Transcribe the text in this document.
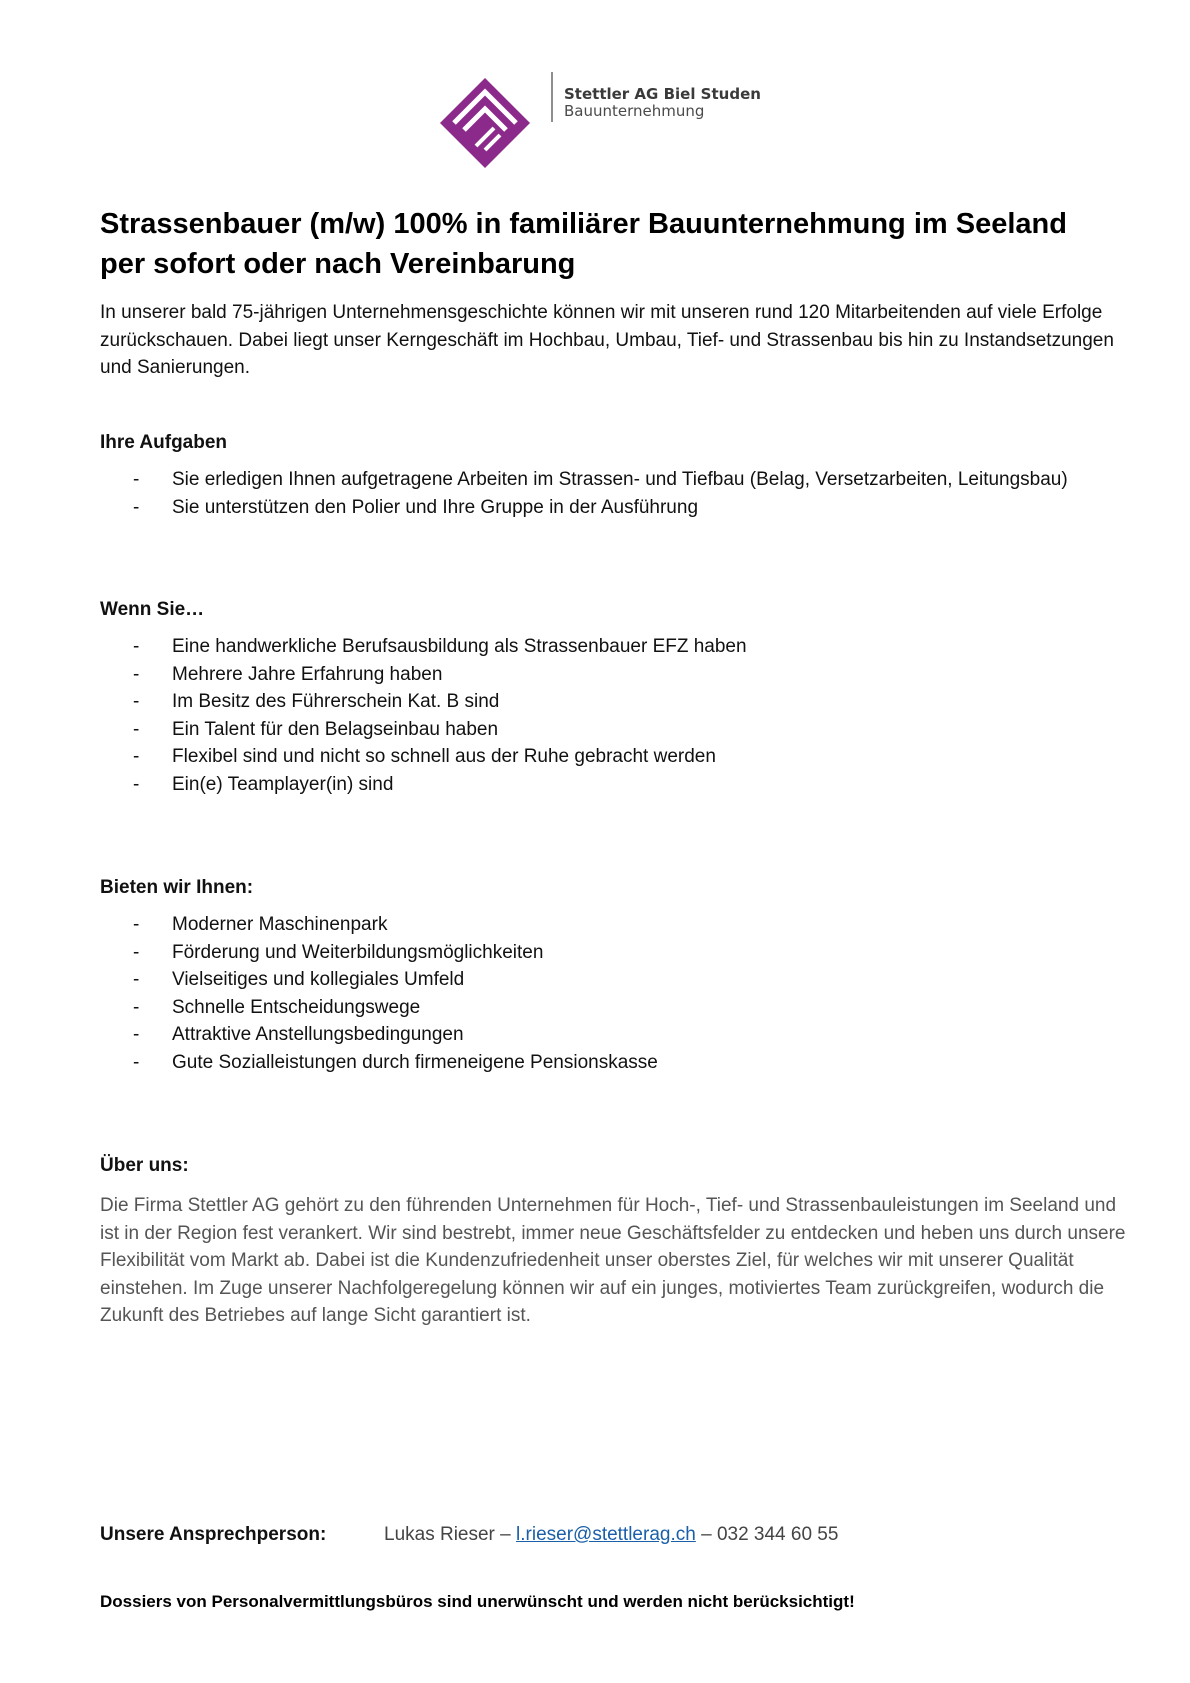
Stettler AG Biel Studen
Bauunternehmung
Strassenbauer (m/w) 100% in familiärer Bauunternehmung im Seeland
per sofort oder nach Vereinbarung

In unserer bald 75-jährigen Unternehmensgeschichte können wir mit unseren rund 120 Mitarbeitenden auf viele Erfolge zurückschauen. Dabei liegt unser Kerngeschäft im Hochbau, Umbau, Tief- und Strassenbau bis hin zu Instandsetzungen und Sanierungen.

Ihre Aufgaben
- Sie erledigen Ihnen aufgetragene Arbeiten im Strassen- und Tiefbau (Belag, Versetzarbeiten, Leitungsbau)
- Sie unterstützen den Polier und Ihre Gruppe in der Ausführung
Wenn Sie…
- Eine handwerkliche Berufsausbildung als Strassenbauer EFZ haben
- Mehrere Jahre Erfahrung haben
- Im Besitz des Führerschein Kat. B sind
- Ein Talent für den Belagseinbau haben
- Flexibel sind und nicht so schnell aus der Ruhe gebracht werden
- Ein(e) Teamplayer(in) sind
Bieten wir Ihnen:
- Moderner Maschinenpark
- Förderung und Weiterbildungsmöglichkeiten
- Vielseitiges und kollegiales Umfeld
- Schnelle Entscheidungswege
- Attraktive Anstellungsbedingungen
- Gute Sozialleistungen durch firmeneigene Pensionskasse
Über uns:

Die Firma Stettler AG gehört zu den führenden Unternehmen für Hoch-, Tief- und Strassenbauleistungen im Seeland und ist in der Region fest verankert. Wir sind bestrebt, immer neue Geschäftsfelder zu entdecken und heben uns durch unsere Flexibilität vom Markt ab. Dabei ist die Kundenzufriedenheit unser oberstes Ziel, für welches wir mit unserer Qualität einstehen. Im Zuge unserer Nachfolgeregelung können wir auf ein junges, motiviertes Team zurückgreifen, wodurch die Zukunft des Betriebes auf lange Sicht garantiert ist.

Unsere Ansprechperson:	Lukas Rieser – l.rieser@stettlerag.ch – 032 344 60 55

Dossiers von Personalvermittlungsbüros sind unerwünscht und werden nicht berücksichtigt!
